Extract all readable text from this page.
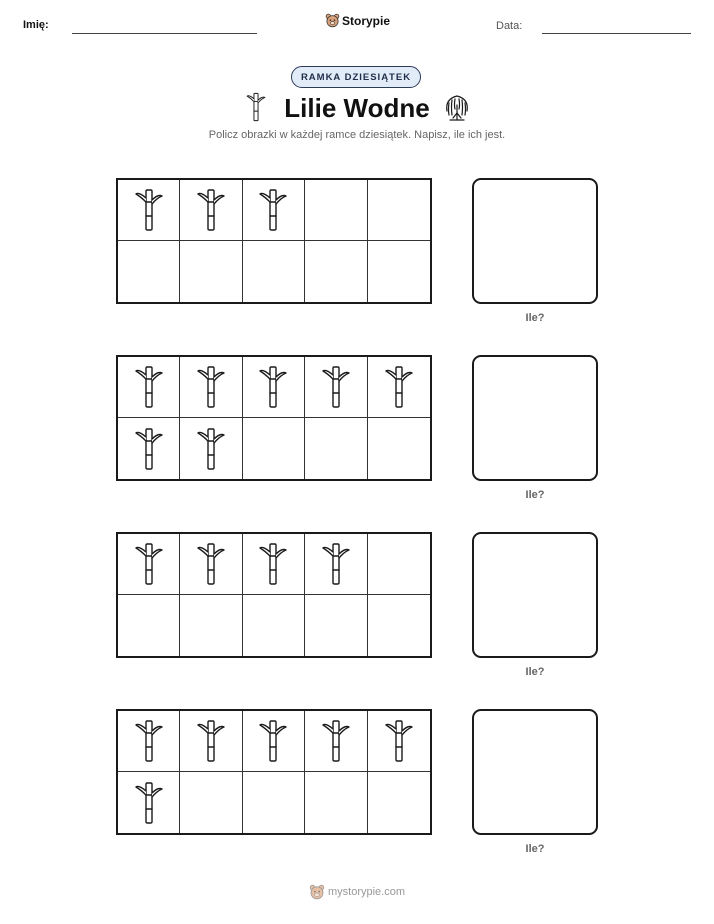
Imię:	Storypie	Data:
RAMKA DZIESIĄTEK
Lilie Wodne
Policz obrazki w każdej ramce dziesiątek. Napisz, ile ich jest.
Ile?
Ile?
Ile?
Ile?
mystorypie.com
